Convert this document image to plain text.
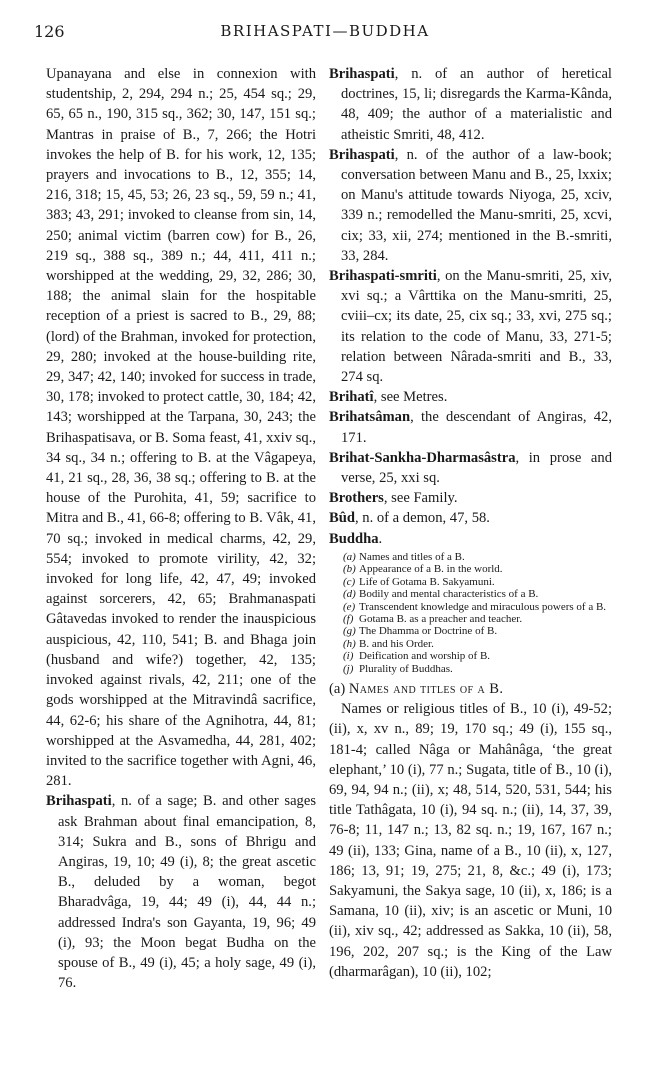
126	BRIHASPATI—BUDDHA

Upanayana and else in connexion with studentship, 2, 294, 294 n.; 25, 454 sq.; 29, 65, 65 n., 190, 315 sq., 362; 30, 147, 151 sq.; Mantras in praise of B., 7, 266; the Hotri invokes the help of B. for his work, 12, 135; prayers and invocations to B., 12, 355; 14, 216, 318; 15, 45, 53; 26, 23 sq., 59, 59 n.; 41, 383; 43, 291; invoked to cleanse from sin, 14, 250; animal victim (barren cow) for B., 26, 219 sq., 388 sq., 389 n.; 44, 411, 411 n.; worshipped at the wedding, 29, 32, 286; 30, 188; the animal slain for the hospitable reception of a priest is sacred to B., 29, 88; (lord) of the Brahman, invoked for protection, 29, 280; invoked at the house-building rite, 29, 347; 42, 140; invoked for success in trade, 30, 178; invoked to protect cattle, 30, 184; 42, 143; worshipped at the Tarpana, 30, 243; the Brihaspatisava, or B. Soma feast, 41, xxiv sq., 34 sq., 34 n.; offering to B. at the Vâgapeya, 41, 21 sq., 28, 36, 38 sq.; offering to B. at the house of the Purohita, 41, 59; sacrifice to Mitra and B., 41, 66-8; offering to B. Vâk, 41, 70 sq.; invoked in medical charms, 42, 29, 554; invoked to promote virility, 42, 32; invoked for long life, 42, 47, 49; invoked against sorcerers, 42, 65; Brahmanaspati Gâtavedas invoked to render the inauspicious auspicious, 42, 110, 541; B. and Bhaga join (husband and wife?) together, 42, 135; invoked against rivals, 42, 211; one of the gods worshipped at the Mitravindâ sacrifice, 44, 62-6; his share of the Agnihotra, 44, 81; worshipped at the Asvamedha, 44, 281, 402; invited to the sacrifice together with Agni, 46, 281.

Brihaspati, n. of a sage; B. and other sages ask Brahman about final emancipation, 8, 314; Sukra and B., sons of Bhrigu and Angiras, 19, 10; 49 (i), 8; the great ascetic B., deluded by a woman, begot Bharadvâga, 19, 44; 49 (i), 44, 44 n.; addressed Indra's son Gayanta, 19, 96; 49 (i), 93; the Moon begat Budha on the spouse of B., 49 (i), 45; a holy sage, 49 (i), 76.

Brihaspati, n. of an author of heretical doctrines, 15, li; disregards the Karma-Kânda, 48, 409; the author of a materialistic and atheistic Smriti, 48, 412.

Brihaspati, n. of the author of a law-book; conversation between Manu and B., 25, lxxix; on Manu's attitude towards Niyoga, 25, xciv, 339 n.; remodelled the Manu-smriti, 25, xcvi, cix; 33, xii, 274; mentioned in the B.-smriti, 33, 284.

Brihaspati-smriti, on the Manu-smriti, 25, xiv, xvi sq.; a Vârttika on the Manu-smriti, 25, cviii–cx; its date, 25, cix sq.; 33, xvi, 275 sq.; its relation to the code of Manu, 33, 271-5; relation between Nârada-smriti and B., 33, 274 sq.

Brihatî, see Metres.

Brihatsâman, the descendant of Angiras, 42, 171.

Brihat-Sankha-Dharmasâstra, in prose and verse, 25, xxi sq.

Brothers, see Family.

Bûd, n. of a demon, 47, 58.

Buddha.

(a) Names and titles of a B.
(b) Appearance of a B. in the world.
(c) Life of Gotama B. Sakyamuni.
(d) Bodily and mental characteristics of a B.
(e) Transcendent knowledge and miraculous powers of a B.
(f) Gotama B. as a preacher and teacher.
(g) The Dhamma or Doctrine of B.
(h) B. and his Order.
(i) Deification and worship of B.
(j) Plurality of Buddhas.

(a) Names and titles of a B.

Names or religious titles of B., 10 (i), 49-52; (ii), x, xv n., 89; 19, 170 sq.; 49 (i), 155 sq., 181-4; called Nâga or Mahânâga, ‘the great elephant,’ 10 (i), 77 n.; Sugata, title of B., 10 (i), 69, 94, 94 n.; (ii), x; 48, 514, 520, 531, 544; his title Tathâgata, 10 (i), 94 sq. n.; (ii), 14, 37, 39, 76-8; 11, 147 n.; 13, 82 sq. n.; 19, 167, 167 n.; 49 (ii), 133; Gina, name of a B., 10 (ii), x, 127, 186; 13, 91; 19, 275; 21, 8, &c.; 49 (i), 173; Sakyamuni, the Sakya sage, 10 (ii), x, 186; is a Samana, 10 (ii), xiv; is an ascetic or Muni, 10 (ii), xiv sq., 42; addressed as Sakka, 10 (ii), 58, 196, 202, 207 sq.; is the King of the Law (dharmarâgan), 10 (ii), 102;
